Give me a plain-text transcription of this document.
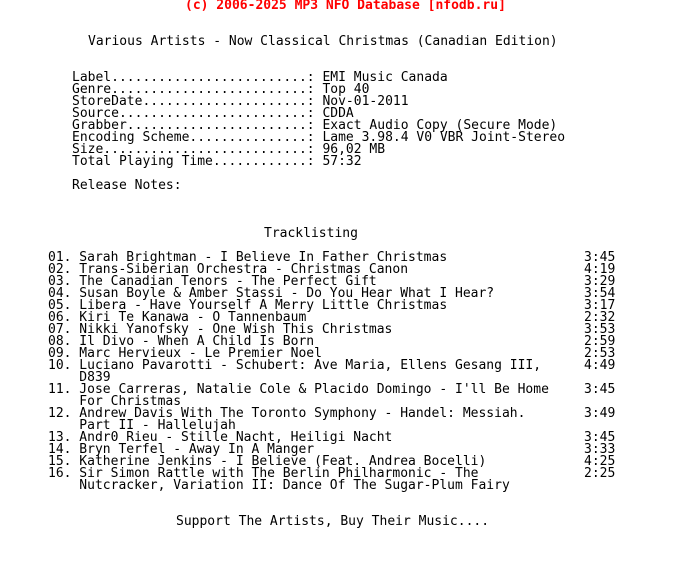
(c) 2006-2025 MP3 NFO Database [nfodb.ru]
Various Artists - Now Classical Christmas (Canadian Edition)
Label.........................: EMI Music Canada
Genre.........................: Top 40
StoreDate.....................: Nov-01-2011
Source........................: CDDA
Grabber.......................: Exact Audio Copy (Secure Mode)
Encoding Scheme...............: Lame 3.98.4 V0 VBR Joint-Stereo
Size..........................: 96,02 MB
Total Playing Time............: 57:32
Release Notes:
Tracklisting
01. Sarah Brightman - I Believe In Father Christmas	3:45
02. Trans-Siberian Orchestra - Christmas Canon	4:19
03. The Canadian Tenors - The Perfect Gift	3:29
04. Susan Boyle & Amber Stassi - Do You Hear What I Hear?	3:54
05. Libera - Have Yourself A Merry Little Christmas	3:17
06. Kiri Te Kanawa - O Tannenbaum	2:32
07. Nikki Yanofsky - One Wish This Christmas	3:53
08. Il Divo - When A Child Is Born	2:59
09. Marc Hervieux - Le Premier Noel	2:53
10. Luciano Pavarotti - Schubert: Ave Maria, Ellens Gesang III,	4:49
D839
11. Jose Carreras, Natalie Cole & Placido Domingo - I'll Be Home	3:45
For Christmas
12. Andrew Davis With The Toronto Symphony - Handel: Messiah.	3:49
Part II - Hallelujah
13. Andr0 Rieu - Stille Nacht, Heiligi Nacht	3:45
14. Bryn Terfel - Away In A Manger	3:33
15. Katherine Jenkins - I Believe (Feat. Andrea Bocelli)	4:25
16. Sir Simon Rattle with The Berlin Philharmonic - The	2:25
Nutcracker, Variation II: Dance Of The Sugar-Plum Fairy
Support The Artists, Buy Their Music....
